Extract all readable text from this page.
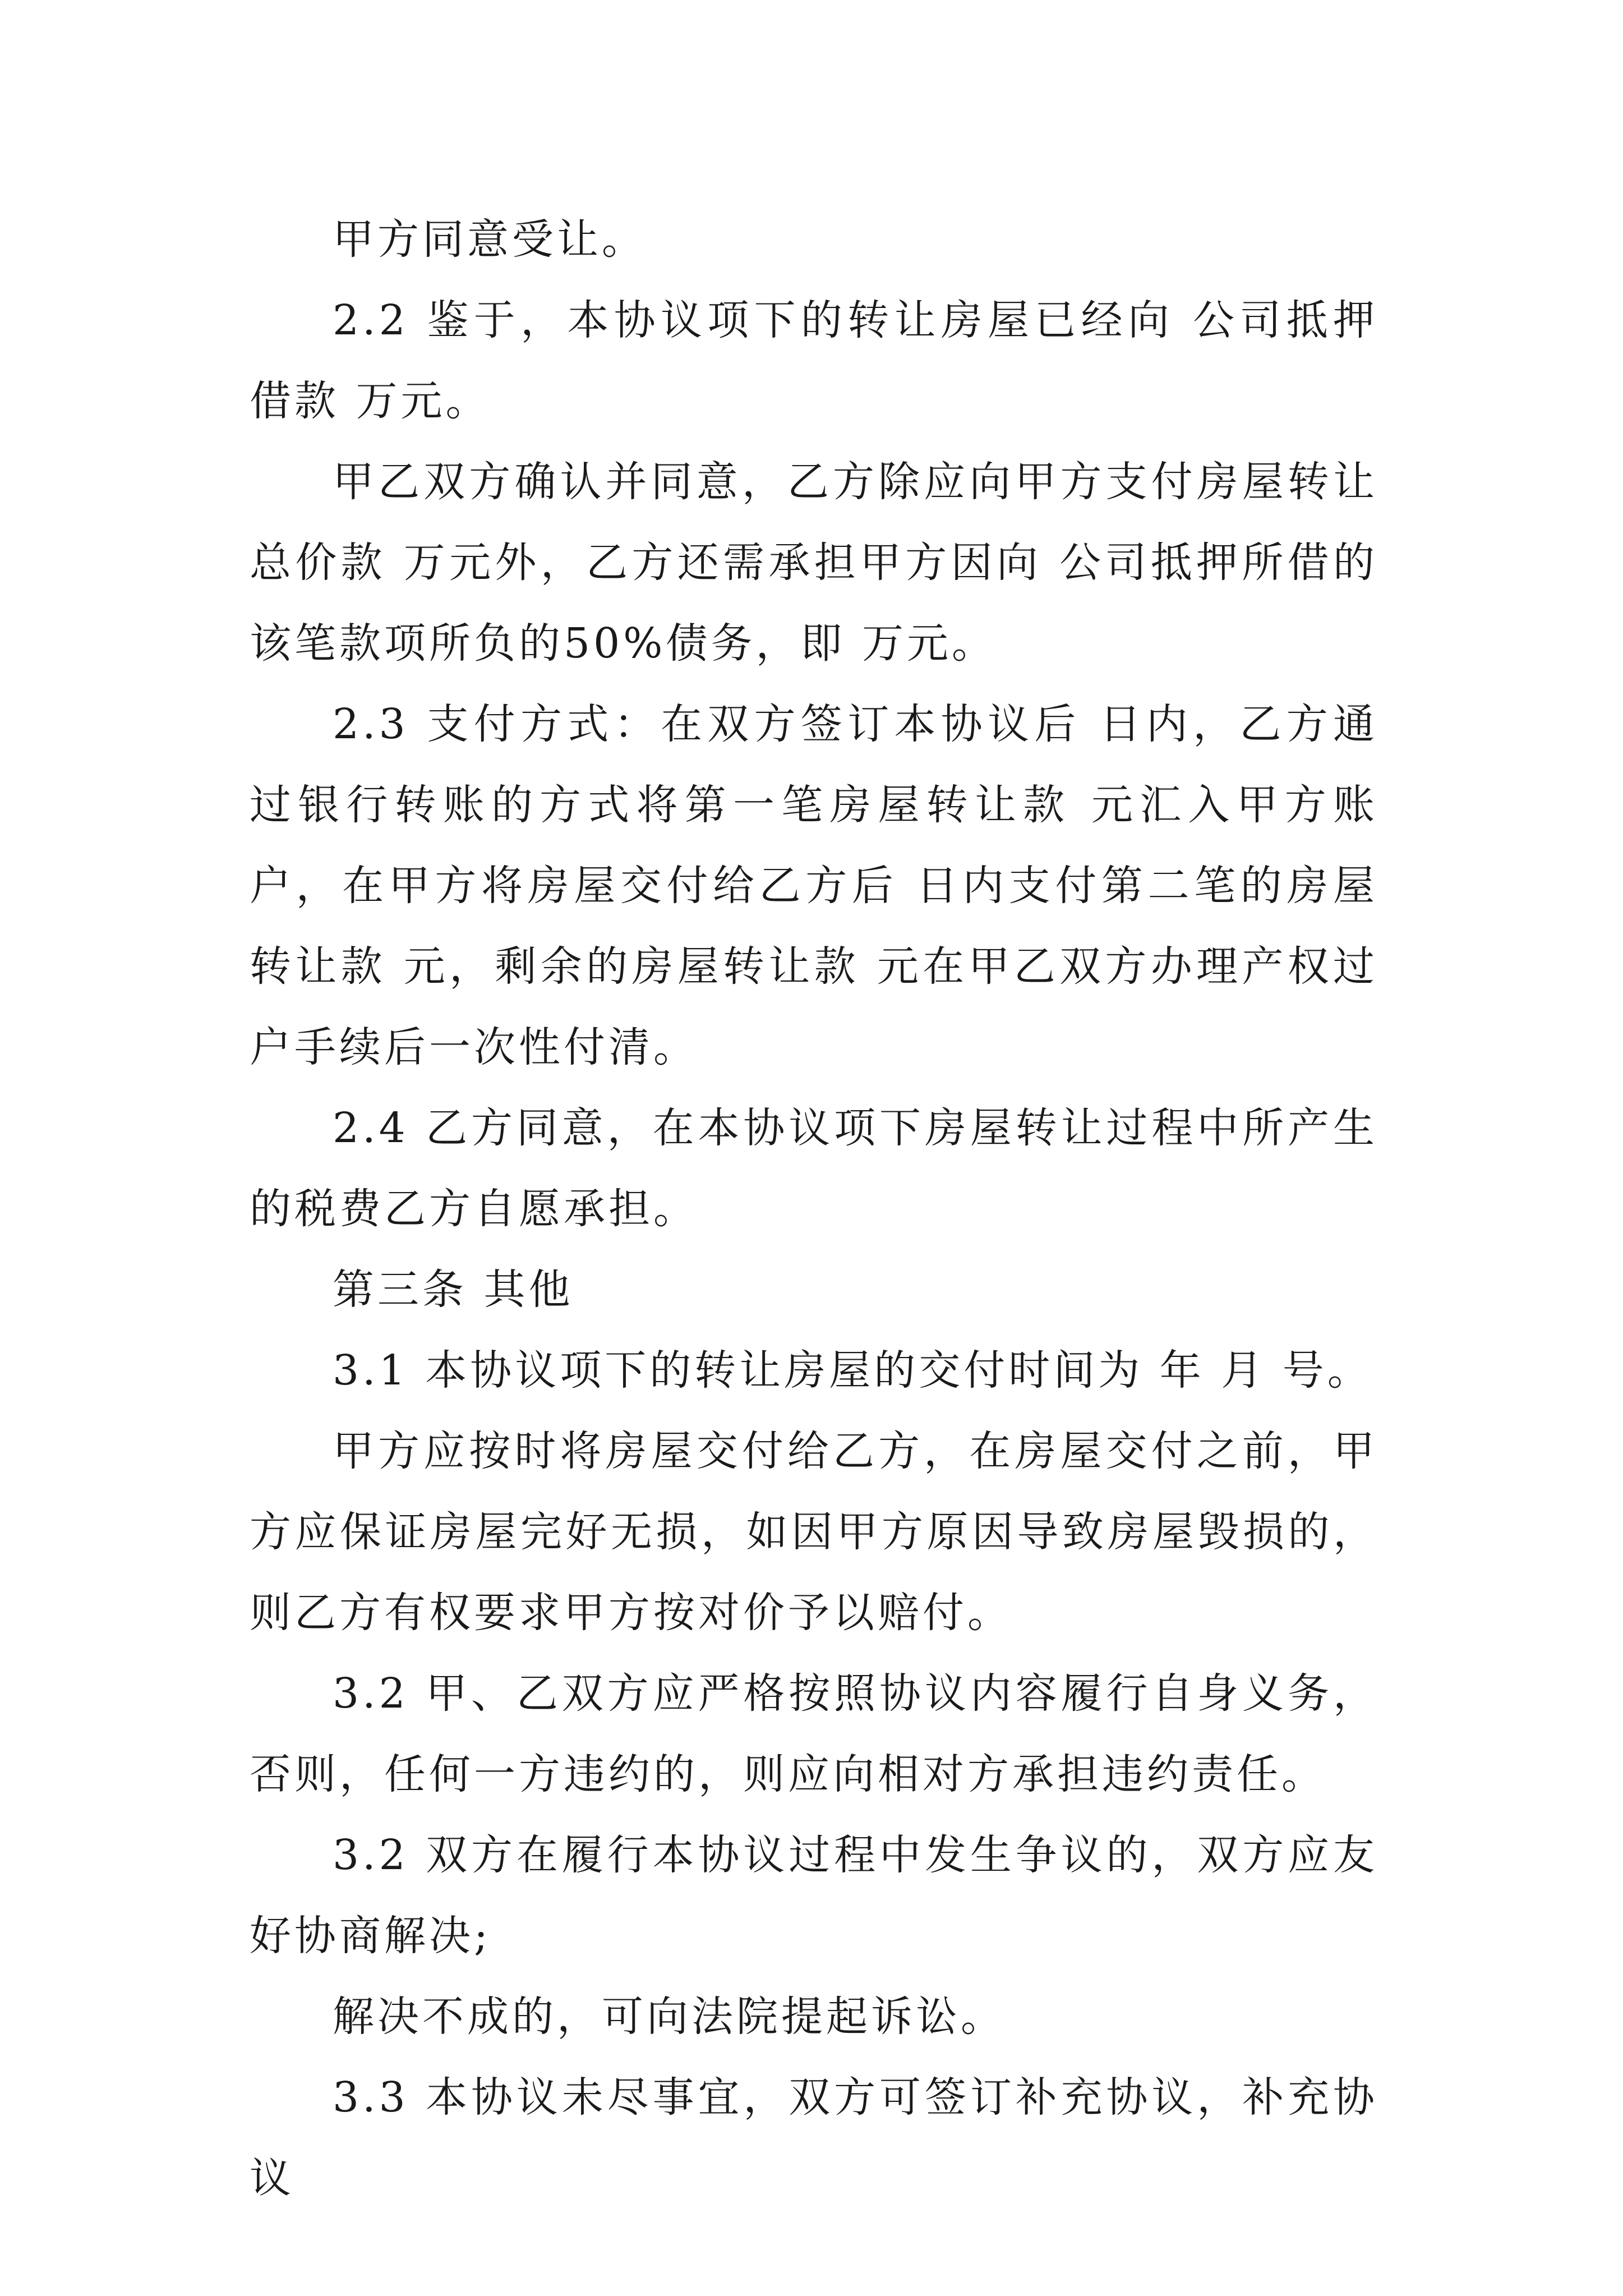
甲方同意受让。

2.2 鉴于，本协议项下的转让房屋已经向 公司抵押借款 万元。

甲乙双方确认并同意，乙方除应向甲方支付房屋转让总价款 万元外，乙方还需承担甲方因向 公司抵押所借的该笔款项所负的50%债务，即 万元。

2.3 支付方式：在双方签订本协议后 日内，乙方通过银行转账的方式将第一笔房屋转让款 元汇入甲方账户，在甲方将房屋交付给乙方后 日内支付第二笔的房屋转让款 元，剩余的房屋转让款 元在甲乙双方办理产权过户手续后一次性付清。

2.4 乙方同意，在本协议项下房屋转让过程中所产生的税费乙方自愿承担。

第三条 其他

3.1 本协议项下的转让房屋的交付时间为 年 月 号。

甲方应按时将房屋交付给乙方，在房屋交付之前，甲方应保证房屋完好无损，如因甲方原因导致房屋毁损的，则乙方有权要求甲方按对价予以赔付。

3.2 甲、乙双方应严格按照协议内容履行自身义务，否则，任何一方违约的，则应向相对方承担违约责任。

3.2 双方在履行本协议过程中发生争议的，双方应友好协商解决;

解决不成的，可向法院提起诉讼。

3.3 本协议未尽事宜，双方可签订补充协议，补充协议
